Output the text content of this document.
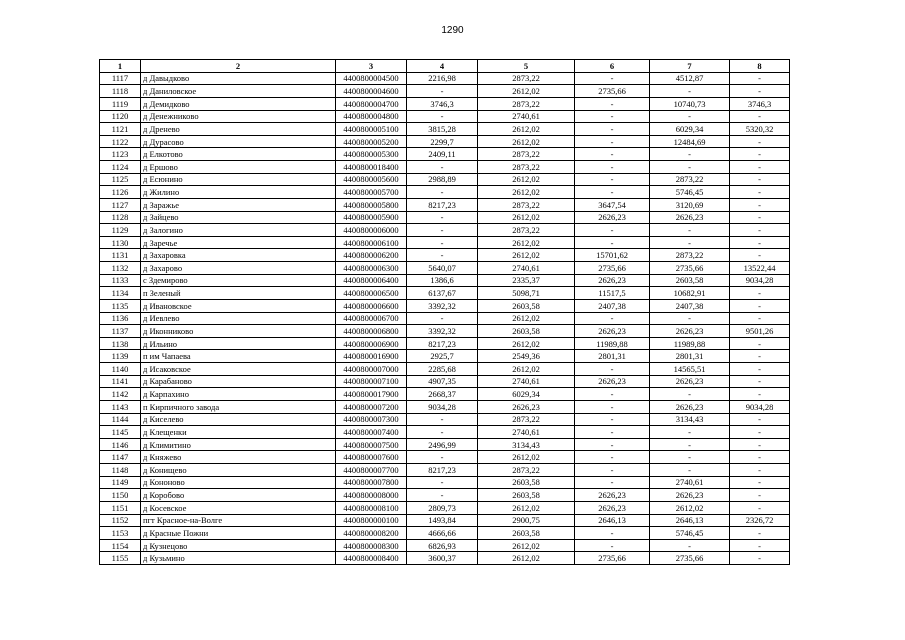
1290
1	2	3	4	5	6	7	8
1117	д Давыдково	4400800004500	2216,98	2873,22	-	4512,87	-
1118	д Даниловское	4400800004600	-	2612,02	2735,66	-	-
1119	д Демидково	4400800004700	3746,3	2873,22	-	10740,73	3746,3
1120	д Денежниково	4400800004800	-	2740,61	-	-	-
1121	д Дренево	4400800005100	3815,28	2612,02	-	6029,34	5320,32
1122	д Дурасово	4400800005200	2299,7	2612,02	-	12484,69	-
1123	д Елкотово	4400800005300	2409,11	2873,22	-	-	-
1124	д Ершово	4400800018400	-	2873,22	-	-	-
1125	д Есюнино	4400800005600	2988,89	2612,02	-	2873,22	-
1126	д Жилино	4400800005700	-	2612,02	-	5746,45	-
1127	д Заражье	4400800005800	8217,23	2873,22	3647,54	3120,69	-
1128	д Зайцево	4400800005900	-	2612,02	2626,23	2626,23	-
1129	д Залогино	4400800006000	-	2873,22	-	-	-
1130	д Заречье	4400800006100	-	2612,02	-	-	-
1131	д Захаровка	4400800006200	-	2612,02	15701,62	2873,22	-
1132	д Захарово	4400800006300	5640,07	2740,61	2735,66	2735,66	13522,44
1133	с Здемирово	4400800006400	1386,6	2335,37	2626,23	2603,58	9034,28
1134	п Зеленый	4400800006500	6137,67	5098,71	11517,5	10682,91	-
1135	д Ивановское	4400800006600	3392,32	2603,58	2407,38	2407,38	-
1136	д Иевлево	4400800006700	-	2612,02	-	-	-
1137	д Иконниково	4400800006800	3392,32	2603,58	2626,23	2626,23	9501,26
1138	д Ильино	4400800006900	8217,23	2612,02	11989,88	11989,88	-
1139	п им Чапаева	4400800016900	2925,7	2549,36	2801,31	2801,31	-
1140	д Исаковское	4400800007000	2285,68	2612,02	-	14565,51	-
1141	д Карабаново	4400800007100	4907,35	2740,61	2626,23	2626,23	-
1142	д Карпахино	4400800017900	2668,37	6029,34	-	-	-
1143	п Кирпичного завода	4400800007200	9034,28	2626,23	-	2626,23	9034,28
1144	д Киселево	4400800007300	-	2873,22	-	3134,43	-
1145	д Клещенки	4400800007400	-	2740,61	-	-	-
1146	д Климитино	4400800007500	2496,99	3134,43	-	-	-
1147	д Княжево	4400800007600	-	2612,02	-	-	-
1148	д Конищево	4400800007700	8217,23	2873,22	-	-	-
1149	д Кононово	4400800007800	-	2603,58	-	2740,61	-
1150	д Коробово	4400800008000	-	2603,58	2626,23	2626,23	-
1151	д Косевское	4400800008100	2809,73	2612,02	2626,23	2612,02	-
1152	пгт Красное-на-Волге	4400800000100	1493,84	2900,75	2646,13	2646,13	2326,72
1153	д Красные Пожни	4400800008200	4666,66	2603,58	-	5746,45	-
1154	д Кузнецово	4400800008300	6826,93	2612,02	-	-	-
1155	д Кузьмино	4400800008400	3600,37	2612,02	2735,66	2735,66	-
